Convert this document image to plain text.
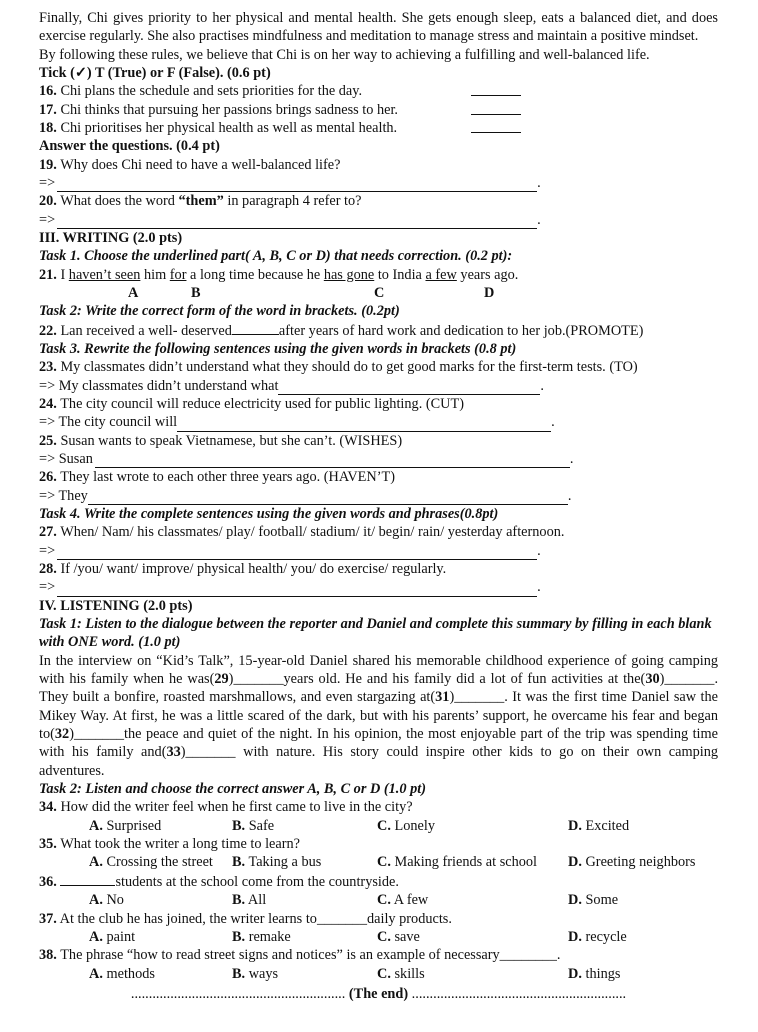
Finally, Chi gives priority to her physical and mental health. She gets enough sleep, eats a balanced diet, and does exercise regularly. She also practises mindfulness and meditation to manage stress and maintain a positive mindset.

By following these rules, we believe that Chi is on her way to achieving a fulfilling and well-balanced life.

Tick (✓) T (True) or F (False). (0.6 pt)

16. Chi plans the schedule and sets priorities for the day.
17. Chi thinks that pursuing her passions brings sadness to her.
18. Chi prioritises her physical health as well as mental health.

Answer the questions. (0.4 pt)

19. Why does Chi need to have a well-balanced life?

=>	.

20. What does the word “them” in paragraph 4 refer to?

=>	.

III. WRITING (2.0 pts)

Task 1. Choose the underlined part( A, B, C or D) that needs correction. (0.2 pt):

21. I haven’t seen him for a long time because he has gone to India a few years ago.

A	B	C	D

Task 2: Write the correct form of the word in brackets. (0.2pt)

22. Lan received a well- deserved	after years of hard work and dedication to her job.(PROMOTE)

Task 3. Rewrite the following sentences using the given words in brackets (0.8 pt)

23. My classmates didn’t understand what they should do to get good marks for the first-term tests. (TO)

=> My classmates didn’t understand what	.

24. The city council will reduce electricity used for public lighting. (CUT)

=> The city council will	.

25. Susan wants to speak Vietnamese, but she can’t. (WISHES)

=> Susan	.

26. They last wrote to each other three years ago. (HAVEN’T)

=> They	.

Task 4. Write the complete sentences using the given words and phrases(0.8pt)

27. When/ Nam/ his classmates/ play/ football/ stadium/ it/ begin/ rain/ yesterday afternoon.

=>	.

28. If /you/ want/ improve/ physical health/ you/ do exercise/ regularly.

=>	.

IV. LISTENING (2.0 pts)

Task 1: Listen to the dialogue between the reporter and Daniel and complete this summary by filling in each blank with ONE word. (1.0 pt)

In the interview on “Kid’s Talk”, 15-year-old Daniel shared his memorable childhood experience of going camping with his family when he was(29)_______years old. He and his family did a lot of fun activities at the(30)_______. They built a bonfire, roasted marshmallows, and even stargazing at(31)_______. It was the first time Daniel saw the Mikey Way. At first, he was a little scared of the dark, but with his parents’ support, he overcame his fear and began to(32)_______the peace and quiet of the night. In his opinion, the most enjoyable part of the trip was spending time with his family and(33)_______ with nature. His story could inspire other kids to go on their own camping adventures.

Task 2: Listen and choose the correct answer A, B, C or D (1.0 pt)

34. How did the writer feel when he first came to live in the city?

A. Surprised	B. Safe	C. Lonely	D. Excited

35. What took the writer a long time to learn?

A. Crossing the street	B. Taking a bus	C. Making friends at school	D. Greeting neighbors

36.	students at the school come from the countryside.

A. No	B. All	C. A few	D. Some

37. At the club he has joined, the writer learns to_______daily products.

A. paint	B. remake	C. save	D. recycle

38. The phrase “how to read street signs and notices” is an example of necessary________.

A. methods	B. ways	C. skills	D. things

............................................................ (The end) ............................................................
